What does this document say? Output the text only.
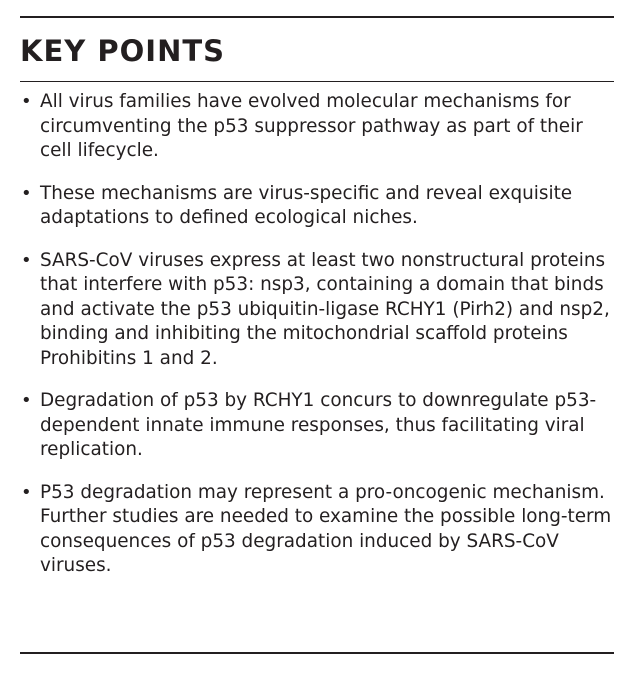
KEY POINTS
• All virus families have evolved molecular mechanisms for circumventing the p53 suppressor pathway as part of their cell lifecycle.
• These mechanisms are virus-specific and reveal exquisite adaptations to defined ecological niches.
• SARS-CoV viruses express at least two nonstructural proteins that interfere with p53: nsp3, containing a domain that binds and activate the p53 ubiquitin-ligase RCHY1 (Pirh2) and nsp2, binding and inhibiting the mitochondrial scaffold proteins Prohibitins 1 and 2.
• Degradation of p53 by RCHY1 concurs to downregulate p53-dependent innate immune responses, thus facilitating viral replication.
• P53 degradation may represent a pro-oncogenic mechanism. Further studies are needed to examine the possible long-term consequences of p53 degradation induced by SARS-CoV viruses.
